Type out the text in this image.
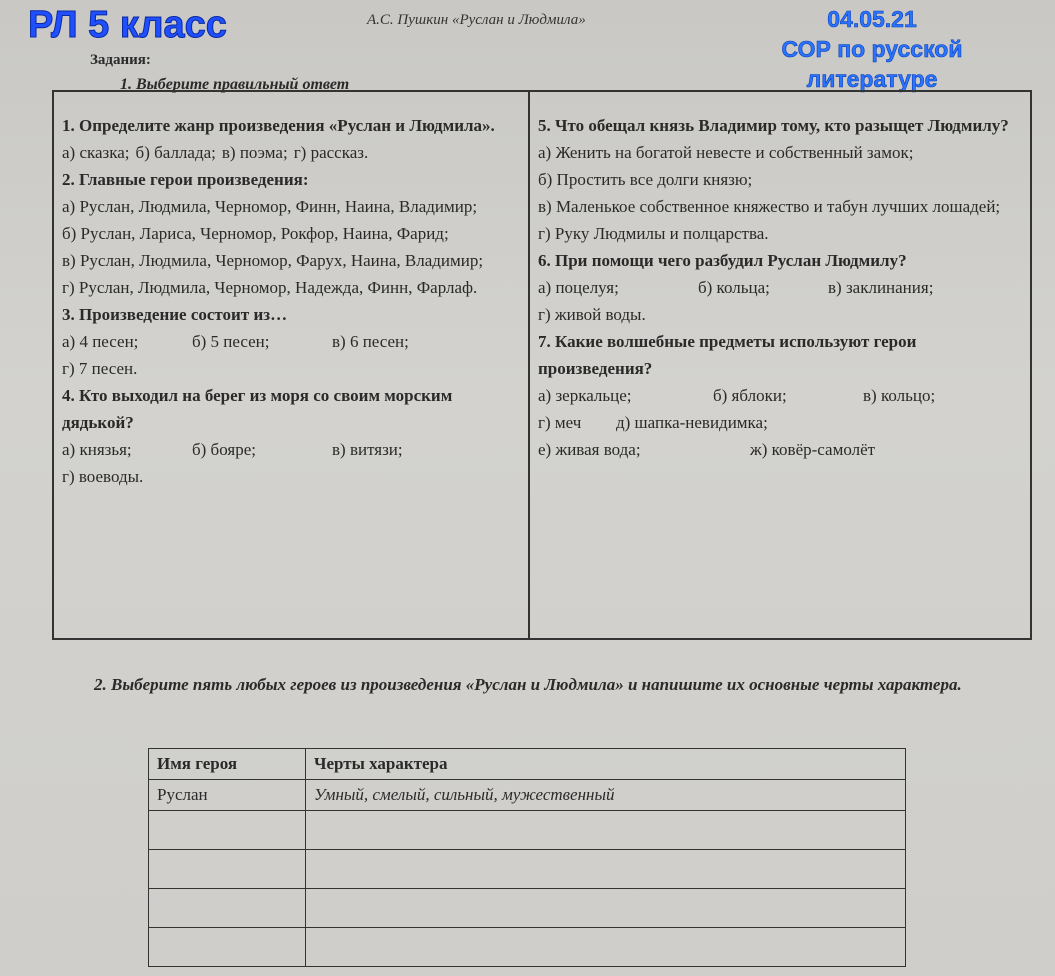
РЛ 5 класс	04.05.21
СОР по русской
литературе
А.С. Пушкин «Руслан и Людмила»
Задания:
1. Выберите правильный ответ
1. Определите жанр произведения «Руслан и Людмила».
а) сказка; б) баллада; в) поэма; г) рассказ.
2. Главные герои произведения:
а) Руслан, Людмила, Черномор, Финн, Наина, Владимир;
б) Руслан, Лариса, Черномор, Рокфор, Наина, Фарид;
в) Руслан, Людмила, Черномор, Фарух, Наина, Владимир;
г) Руслан, Людмила, Черномор, Надежда, Финн, Фарлаф.
3. Произведение состоит из…
а) 4 песен;	б) 5 песен;	в) 6 песен;
г) 7 песен.
4. Кто выходил на берег из моря со своим морским дядькой?
а) князья;	б) бояре;	в) витязи;
г) воеводы.
5. Что обещал князь Владимир тому, кто разыщет Людмилу?
а) Женить на богатой невесте и собственный замок;
б) Простить все долги князю;
в) Маленькое собственное княжество и табун лучших лошадей;
г) Руку Людмилы и полцарства.
6. При помощи чего разбудил Руслан Людмилу?
а) поцелуя;	б) кольца;	в) заклинания;
г) живой воды.
7. Какие волшебные предметы используют герои произведения?
а) зеркальце;	б) яблоки;	в) кольцо;
г) меч	д) шапка-невидимка;
е) живая вода;	ж) ковёр-самолёт
2. Выберите пять любых героев из произведения «Руслан и Людмила» и напишите их основные черты характера.
Имя героя	Черты характера
Руслан	Умный, смелый, сильный, мужественный
